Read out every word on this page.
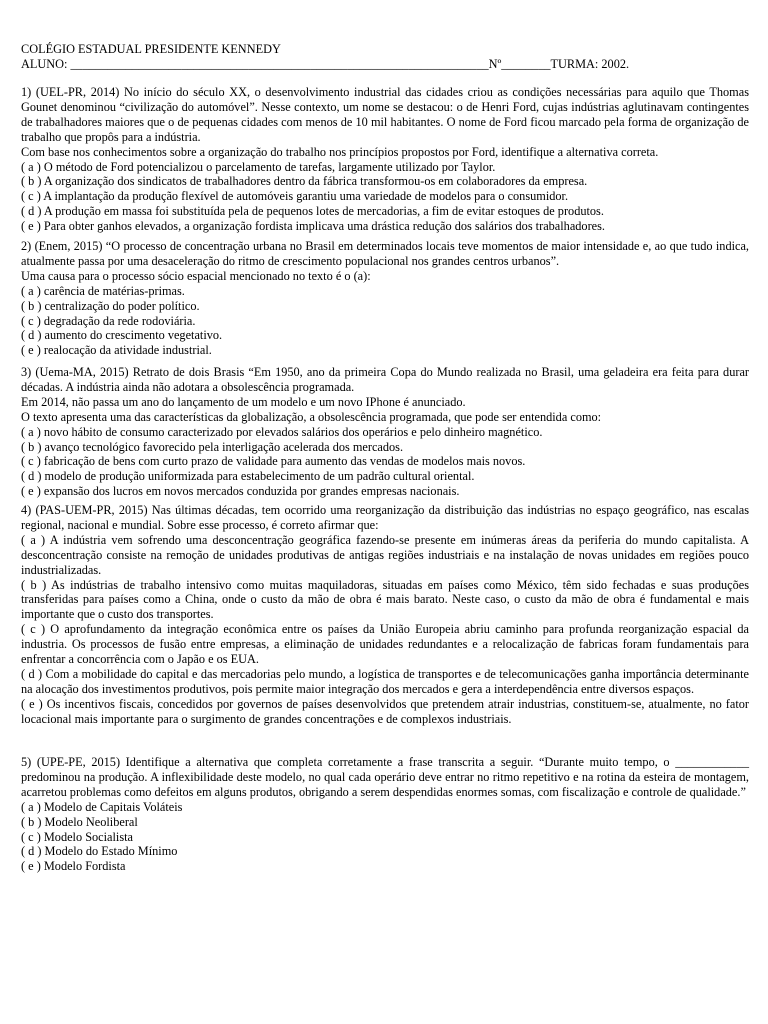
COLÉGIO ESTADUAL PRESIDENTE KENNEDY
ALUNO: ____________________________________________________________________Nº________TURMA: 2002.

1) (UEL-PR, 2014) No início do século XX, o desenvolvimento industrial das cidades criou as condições necessárias para aquilo que Thomas Gounet denominou “civilização do automóvel”. Nesse contexto, um nome se destacou: o de Henri Ford, cujas indústrias aglutinavam contingentes de trabalhadores maiores que o de pequenas cidades com menos de 10 mil habitantes. O nome de Ford ficou marcado pela forma de organização de trabalho que propôs para a indústria.

Com base nos conhecimentos sobre a organização do trabalho nos princípios propostos por Ford, identifique a alternativa correta.

( a ) O método de Ford potencializou o parcelamento de tarefas, largamente utilizado por Taylor.

( b ) A organização dos sindicatos de trabalhadores dentro da fábrica transformou-os em colaboradores da empresa.

( c ) A implantação da produção flexível de automóveis garantiu uma variedade de modelos para o consumidor.

( d ) A produção em massa foi substituída pela de pequenos lotes de mercadorias, a fim de evitar estoques de produtos.

( e ) Para obter ganhos elevados, a organização fordista implicava uma drástica redução dos salários dos trabalhadores.

2) (Enem, 2015) “O processo de concentração urbana no Brasil em determinados locais teve momentos de maior intensidade e, ao que tudo indica, atualmente passa por uma desaceleração do ritmo de crescimento populacional nos grandes centros urbanos”.

Uma causa para o processo sócio espacial mencionado no texto é o (a):

( a ) carência de matérias-primas.

( b ) centralização do poder político.

( c ) degradação da rede rodoviária.

( d ) aumento do crescimento vegetativo.

( e ) realocação da atividade industrial.

3) (Uema-MA, 2015) Retrato de dois Brasis “Em 1950, ano da primeira Copa do Mundo realizada no Brasil, uma geladeira era feita para durar décadas. A indústria ainda não adotara a obsolescência programada.

Em 2014, não passa um ano do lançamento de um modelo e um novo IPhone é anunciado.

O texto apresenta uma das características da globalização, a obsolescência programada, que pode ser entendida como:

( a ) novo hábito de consumo caracterizado por elevados salários dos operários e pelo dinheiro magnético.

( b ) avanço tecnológico favorecido pela interligação acelerada dos mercados.

( c ) fabricação de bens com curto prazo de validade para aumento das vendas de modelos mais novos.

( d ) modelo de produção uniformizada para estabelecimento de um padrão cultural oriental.

( e ) expansão dos lucros em novos mercados conduzida por grandes empresas nacionais.

4) (PAS-UEM-PR, 2015) Nas últimas décadas, tem ocorrido uma reorganização da distribuição das indústrias no espaço geográfico, nas escalas regional, nacional e mundial. Sobre esse processo, é correto afirmar que:

( a ) A indústria vem sofrendo uma desconcentração geográfica fazendo-se presente em inúmeras áreas da periferia do mundo capitalista. A desconcentração consiste na remoção de unidades produtivas de antigas regiões industriais e na instalação de novas unidades em regiões pouco industrializadas.

( b ) As indústrias de trabalho intensivo como muitas maquiladoras, situadas em países como México, têm sido fechadas e suas produções transferidas para países como a China, onde o custo da mão de obra é mais barato. Neste caso, o custo da mão de obra é fundamental e mais importante que o custo dos transportes.

( c ) O aprofundamento da integração econômica entre os países da União Europeia abriu caminho para profunda reorganização espacial da industria. Os processos de fusão entre empresas, a eliminação de unidades redundantes e a relocalização de fabricas foram fundamentais para enfrentar a concorrência com o Japão e os EUA.

( d ) Com a mobilidade do capital e das mercadorias pelo mundo, a logística de transportes e de telecomunicações ganha importância determinante na alocação dos investimentos produtivos, pois permite maior integração dos mercados e gera a interdependência entre diversos espaços.

( e ) Os incentivos fiscais, concedidos por governos de países desenvolvidos que pretendem atrair industrias, constituem-se, atualmente, no fator locacional mais importante para o surgimento de grandes concentrações e de complexos industriais.

5) (UPE-PE, 2015) Identifique a alternativa que completa corretamente a frase transcrita a seguir. “Durante muito tempo, o ____________ predominou na produção. A inflexibilidade deste modelo, no qual cada operário deve entrar no ritmo repetitivo e na rotina da esteira de montagem, acarretou problemas como defeitos em alguns produtos, obrigando a serem despendidas enormes somas, com fiscalização e controle de qualidade.”

( a ) Modelo de Capitais Voláteis

( b ) Modelo Neoliberal

( c ) Modelo Socialista

( d ) Modelo do Estado Mínimo

( e ) Modelo Fordista
